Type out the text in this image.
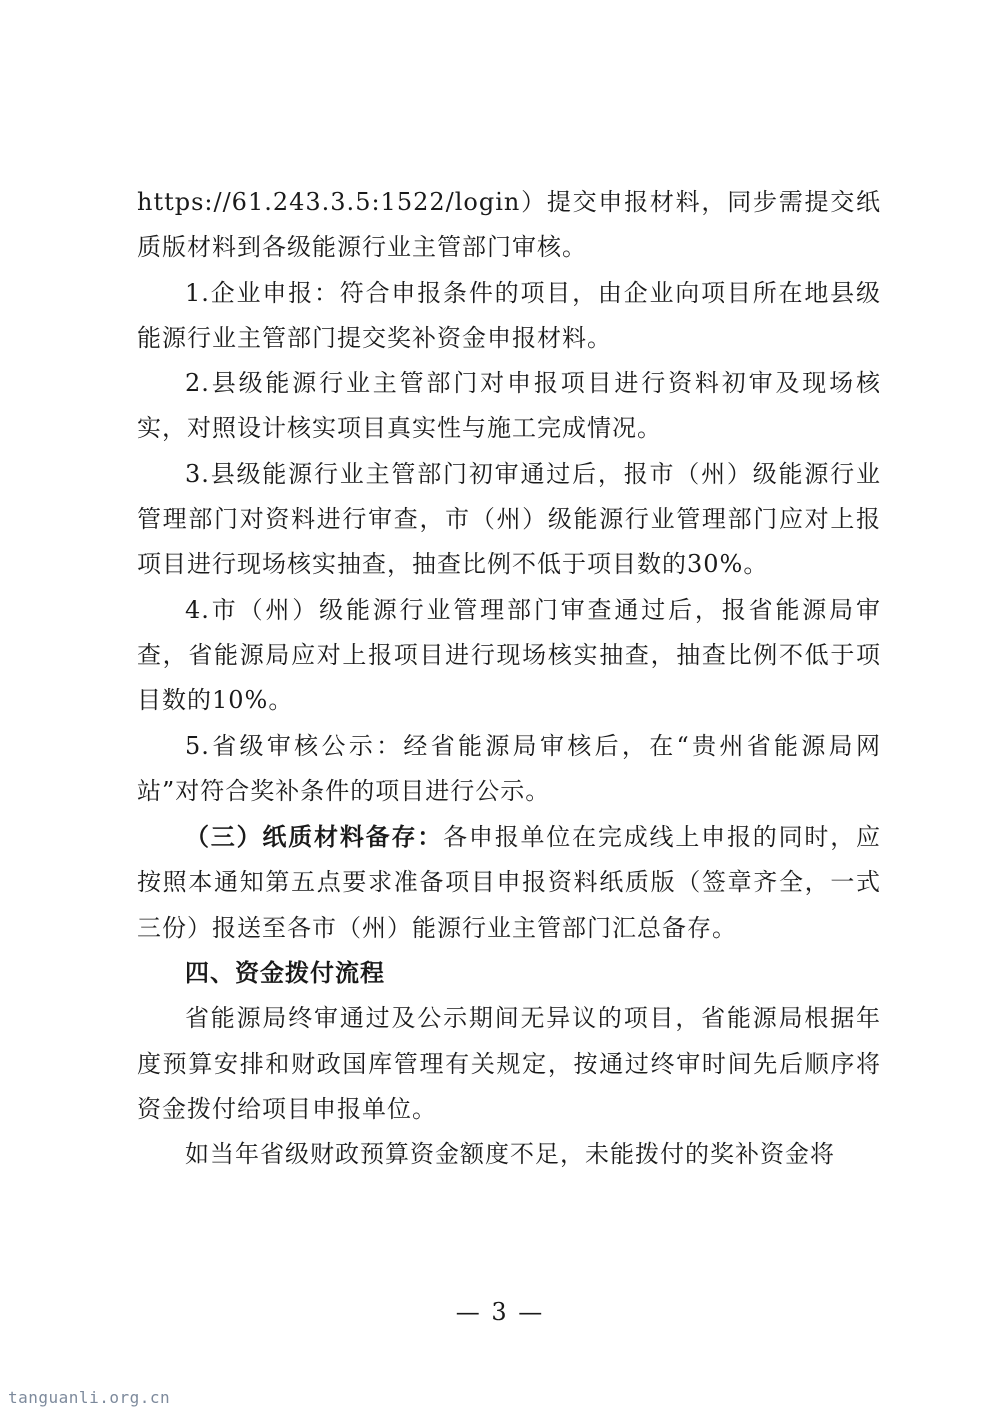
https://61.243.3.5:1522/login）提交申报材料，同步需提交纸质版材料到各级能源行业主管部门审核。

1.企业申报：符合申报条件的项目，由企业向项目所在地县级能源行业主管部门提交奖补资金申报材料。

2.县级能源行业主管部门对申报项目进行资料初审及现场核实，对照设计核实项目真实性与施工完成情况。

3.县级能源行业主管部门初审通过后，报市（州）级能源行业管理部门对资料进行审查，市（州）级能源行业管理部门应对上报项目进行现场核实抽查，抽查比例不低于项目数的30%。

4.市（州）级能源行业管理部门审查通过后，报省能源局审查，省能源局应对上报项目进行现场核实抽查，抽查比例不低于项目数的10%。

5.省级审核公示：经省能源局审核后，在“贵州省能源局网站”对符合奖补条件的项目进行公示。

（三）纸质材料备存：各申报单位在完成线上申报的同时，应按照本通知第五点要求准备项目申报资料纸质版（签章齐全，一式三份）报送至各市（州）能源行业主管部门汇总备存。

四、资金拨付流程

省能源局终审通过及公示期间无异议的项目，省能源局根据年度预算安排和财政国库管理有关规定，按通过终审时间先后顺序将资金拨付给项目申报单位。

如当年省级财政预算资金额度不足，未能拨付的奖补资金将

— 3 —
tanguanli.org.cn
